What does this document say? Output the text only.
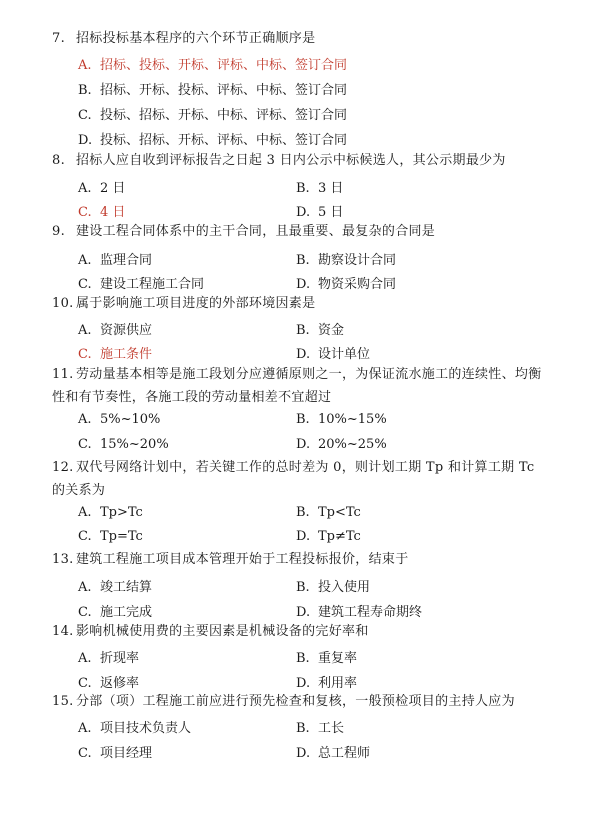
7. 招标投标基本程序的六个环节正确顺序是
A. 招标、投标、开标、评标、中标、签订合同
B. 招标、开标、投标、评标、中标、签订合同
C. 投标、招标、开标、中标、评标、签订合同
D. 投标、招标、开标、评标、中标、签订合同
8. 招标人应自收到评标报告之日起 3 日内公示中标候选人，其公示期最少为
A. 2 日	B. 3 日
C. 4 日	D. 5 日
9. 建设工程合同体系中的主干合同，且最重要、最复杂的合同是
A. 监理合同	B. 勘察设计合同
C. 建设工程施工合同	D. 物资采购合同
10. 属于影响施工项目进度的外部环境因素是
A. 资源供应	B. 资金
C. 施工条件	D. 设计单位
11. 劳动量基本相等是施工段划分应遵循原则之一，为保证流水施工的连续性、均衡性和有节奏性，各施工段的劳动量相差不宜超过
A. 5%~10%	B. 10%~15%
C. 15%~20%	D. 20%~25%
12. 双代号网络计划中，若关键工作的总时差为 0，则计划工期 Tp 和计算工期 Tc 的关系为
A. Tp>Tc	B. Tp<Tc
C. Tp=Tc	D. Tp≠Tc
13. 建筑工程施工项目成本管理开始于工程投标报价，结束于
A. 竣工结算	B. 投入使用
C. 施工完成	D. 建筑工程寿命期终
14. 影响机械使用费的主要因素是机械设备的完好率和
A. 折现率	B. 重复率
C. 返修率	D. 利用率
15. 分部（项）工程施工前应进行预先检查和复核，一般预检项目的主持人应为
A. 项目技术负责人	B. 工长
C. 项目经理	D. 总工程师
